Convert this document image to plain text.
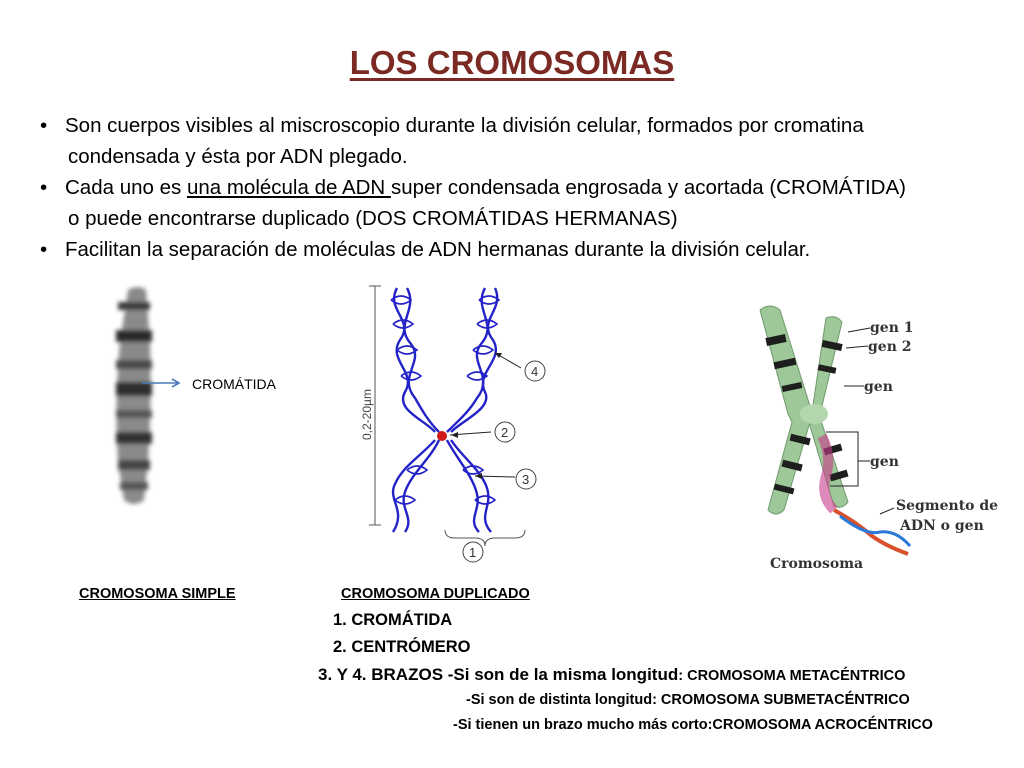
LOS CROMOSOMAS
• Son cuerpos visibles al miscroscopio durante la división celular, formados por cromatina
condensada y ésta por ADN plegado.
• Cada uno es una molécula de ADN super condensada engrosada y acortada (CROMÁTIDA)
o puede encontrarse duplicado (DOS CROMÁTIDAS HERMANAS)
• Facilitan la separación de moléculas de ADN hermanas durante la división celular.
CROMÁTIDA
0,2-20µm
4
2
3
1
gen 1
gen 2
gen
gen
Segmento de
ADN o gen
Cromosoma
CROMOSOMA SIMPLE	CROMOSOMA DUPLICADO
1. CROMÁTIDA
2. CENTRÓMERO
3. Y 4. BRAZOS -Si son de la misma longitud: CROMOSOMA METACÉNTRICO
-Si son de distinta longitud: CROMOSOMA SUBMETACÉNTRICO
-Si tienen un brazo mucho más corto:CROMOSOMA ACROCÉNTRICO
